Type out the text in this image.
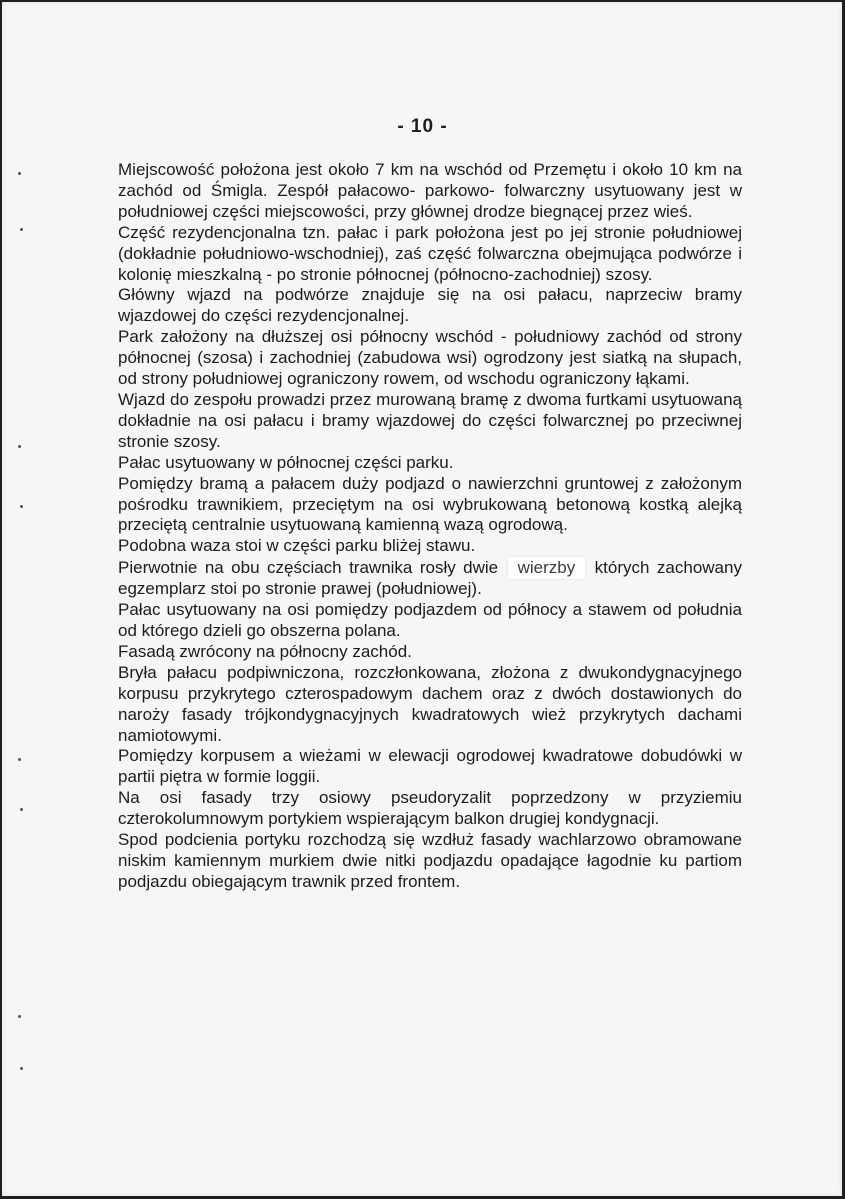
- 10 -

Miejscowość położona jest około 7 km na wschód od Przemętu i około 10 km na zachód od Śmigla. Zespół pałacowo- parkowo- folwarczny usytuowany jest w południowej części miejscowości, przy głównej drodze biegnącej przez wieś.

Część rezydencjonalna tzn. pałac i park położona jest po jej stronie południowej (dokładnie południowo-wschodniej), zaś część folwarczna obejmująca podwórze i kolonię mieszkalną - po stronie północnej (północno-zachodniej) szosy.

Główny wjazd na podwórze znajduje się na osi pałacu, naprzeciw bramy wjazdowej do części rezydencjonalnej.

Park założony na dłuższej osi północny wschód - południowy zachód od strony północnej (szosa) i zachodniej (zabudowa wsi) ogrodzony jest siatką na słupach, od strony południowej ograniczony rowem, od wschodu ograniczony łąkami.

Wjazd do zespołu prowadzi przez murowaną bramę z dwoma furtkami usytuowaną dokładnie na osi pałacu i bramy wjazdowej do części folwarcznej po przeciwnej stronie szosy.

Pałac usytuowany w północnej części parku.

Pomiędzy bramą a pałacem duży podjazd o nawierzchni gruntowej z założonym pośrodku trawnikiem, przeciętym na osi wybrukowaną betonową kostką alejką przeciętą centralnie usytuowaną kamienną wazą ogrodową.

Podobna waza stoi w części parku bliżej stawu.

Pierwotnie na obu częściach trawnika rosły dwie wierzby których zachowany egzemplarz stoi po stronie prawej (południowej).

Pałac usytuowany na osi pomiędzy podjazdem od północy a stawem od południa od którego dzieli go obszerna polana.

Fasadą zwrócony na północny zachód.

Bryła pałacu podpiwniczona, rozczłonkowana, złożona z dwukondygnacyjnego korpusu przykrytego czterospadowym dachem oraz z dwóch dostawionych do naroży fasady trójkondygnacyjnych kwadratowych wież przykrytych dachami namiotowymi.

Pomiędzy korpusem a wieżami w elewacji ogrodowej kwadratowe dobudówki w partii piętra w formie loggii.

Na osi fasady trzy osiowy pseudoryzalit poprzedzony w przyziemiu czterokolumnowym portykiem wspierającym balkon drugiej kondygnacji.

Spod podcienia portyku rozchodzą się wzdłuż fasady wachlarzowo obramowane niskim kamiennym murkiem dwie nitki podjazdu opadające łagodnie ku partiom podjazdu obiegającym trawnik przed frontem.
